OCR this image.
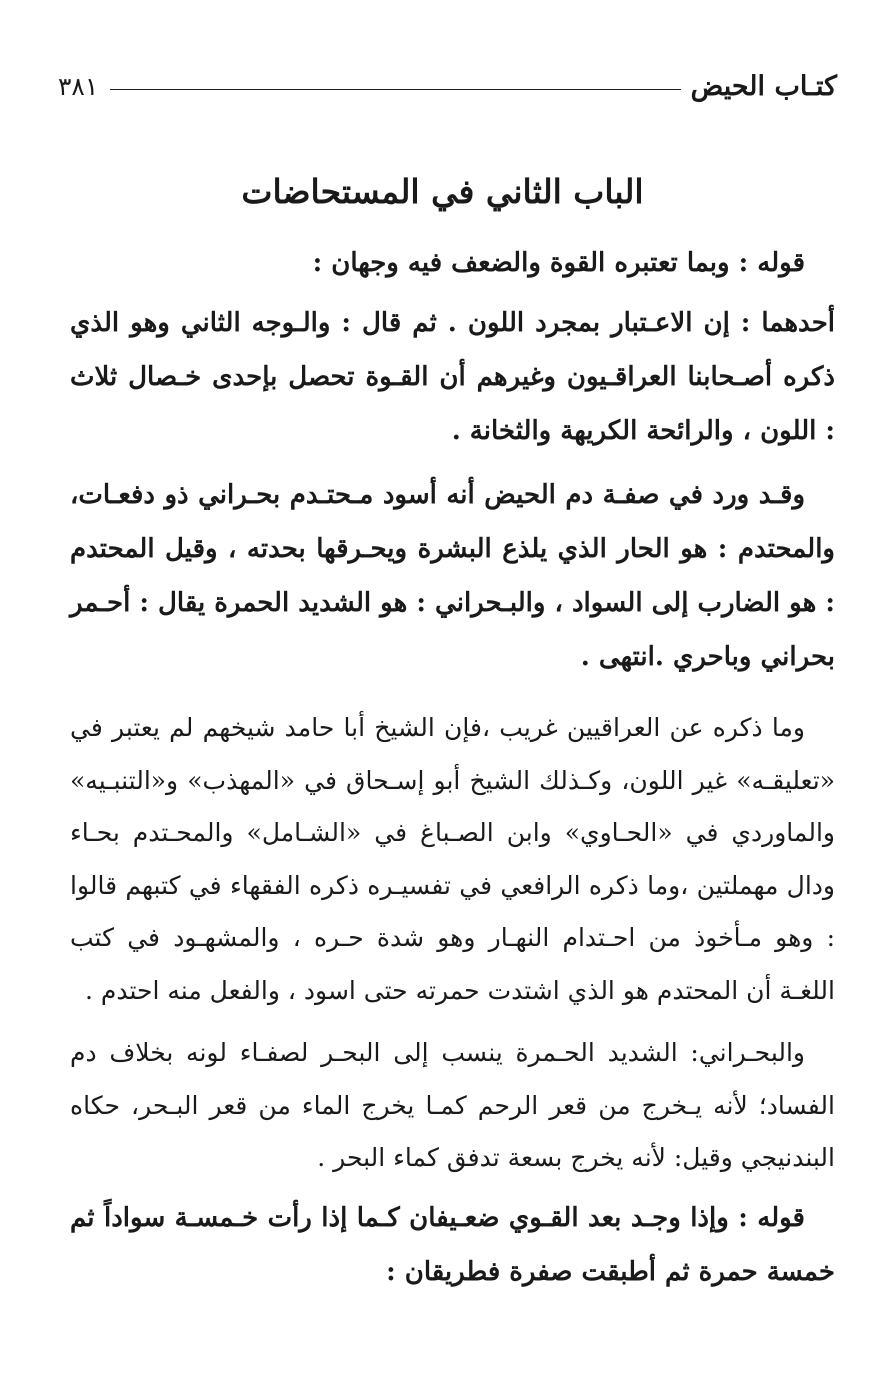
كتـاب الحيض
٣٨١
الباب الثاني في المستحاضات

قوله : وبما تعتبره القوة والضعف فيه وجهان :

أحدهما : إن الاعـتبار بمجرد اللون . ثم قال : والـوجه الثاني وهو الذي ذكره أصـحابنا العراقـيون وغيرهم أن القـوة تحصل بإحدى خـصال ثلاث : اللون ، والرائحة الكريهة والثخانة .

وقـد ورد في صفـة دم الحيض أنه أسود مـحتـدم بحـراني ذو دفعـات، والمحتدم : هو الحار الذي يلذع البشرة ويحـرقها بحدته ، وقيل المحتدم : هو الضارب إلى السواد ، والبـحراني : هو الشديد الحمرة يقال : أحـمر بحراني وباحري .انتهى .

وما ذكره عن العراقيين غريب ،فإن الشيخ أبا حامد شيخهم لم يعتبر في «تعليقـه» غير اللون، وكـذلك الشيخ أبو إسـحاق في «المهذب» و«التنبـيه» والماوردي في «الحـاوي» وابن الصـباغ في «الشـامل» والمحـتدم بحـاء ودال مهملتين ،وما ذكره الرافعي في تفسيـره ذكره الفقهاء في كتبهم قالوا : وهو مـأخوذ من احـتدام النهـار وهو شدة حـره ، والمشهـود في كتب اللغـة أن المحتدم هو الذي اشتدت حمرته حتى اسود ، والفعل منه احتدم .

والبحـراني: الشديد الحـمرة ينسب إلى البحـر لصفـاء لونه بخلاف دم الفساد؛ لأنه يـخرج من قعر الرحم كمـا يخرج الماء من قعر البـحر، حكاه البندنيجي وقيل: لأنه يخرج بسعة تدفق كماء البحر .

قوله : وإذا وجـد بعد القـوي ضعـيفان كـما إذا رأت خـمسـة سواداً ثم خمسة حمرة ثم أطبقت صفرة فطريقان :
